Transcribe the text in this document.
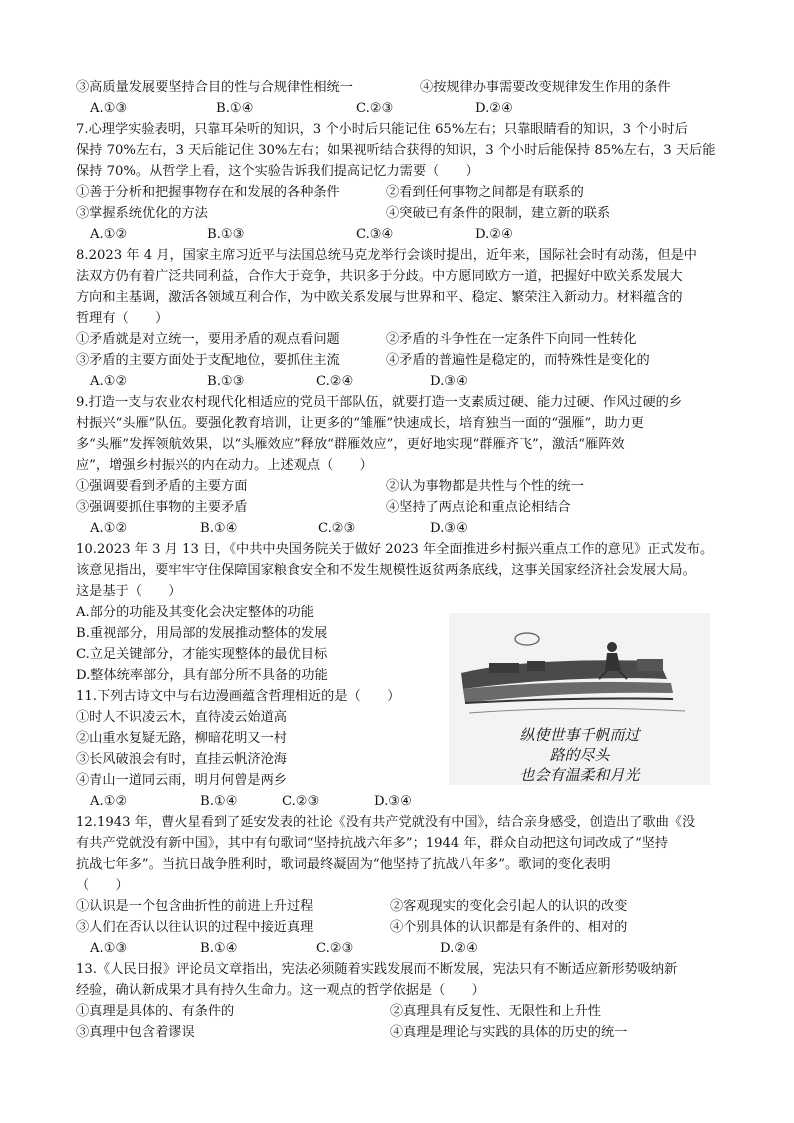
③高质量发展要坚持合目的性与合规律性相统一	④按规律办事需要改变规律发生作用的条件
A.①③	B.①④	C.②③	D.②④
7.心理学实验表明，只靠耳朵听的知识，3 个小时后只能记住 65%左右；只靠眼睛看的知识，3 个小时后
保持 70%左右，3 天后能记住 30%左右；如果视听结合获得的知识，3 个小时后能保持 85%左右，3 天后能
保持 70%。从哲学上看，这个实验告诉我们提高记忆力需要（　　）
①善于分析和把握事物存在和发展的各种条件	②看到任何事物之间都是有联系的
③掌握系统优化的方法	④突破已有条件的限制，建立新的联系
A.①②	B.①③	C.③④	D.②④
8.2023 年 4 月，国家主席习近平与法国总统马克龙举行会谈时提出，近年来，国际社会时有动荡，但是中
法双方仍有着广泛共同利益，合作大于竞争，共识多于分歧。中方愿同欧方一道，把握好中欧关系发展大
方向和主基调，激活各领域互利合作，为中欧关系发展与世界和平、稳定、繁荣注入新动力。材料蕴含的
哲理有（　　）
①矛盾就是对立统一，要用矛盾的观点看问题	②矛盾的斗争性在一定条件下向同一性转化
③矛盾的主要方面处于支配地位，要抓住主流	④矛盾的普遍性是稳定的，而特殊性是变化的
A.①②	B.①③	C.②④	D.③④
9.打造一支与农业农村现代化相适应的党员干部队伍，就要打造一支素质过硬、能力过硬、作风过硬的乡
村振兴“头雁”队伍。要强化教育培训，让更多的“雏雁”快速成长，培育独当一面的“强雁”，助力更
多“头雁”发挥领航效果，以“头雁效应”释放“群雁效应”，更好地实现“群雁齐飞”，激活“雁阵效
应”，增强乡村振兴的内在动力。上述观点（　　）
①强调要看到矛盾的主要方面	②认为事物都是共性与个性的统一
③强调要抓住事物的主要矛盾	④坚持了两点论和重点论相结合
A.①②	B.①④	C.②③	D.③④
10.2023 年 3 月 13 日，《中共中央国务院关于做好 2023 年全面推进乡村振兴重点工作的意见》正式发布。
该意见指出，要牢牢守住保障国家粮食安全和不发生规模性返贫两条底线，这事关国家经济社会发展大局。
这是基于（　　）
A.部分的功能及其变化会决定整体的功能
B.重视部分，用局部的发展推动整体的发展
C.立足关键部分，才能实现整体的最优目标
D.整体统率部分，具有部分所不具备的功能
11.下列古诗文中与右边漫画蕴含哲理相近的是（　　）
①时人不识凌云木，直待凌云始道高
②山重水复疑无路，柳暗花明又一村
③长风破浪会有时，直挂云帆济沧海
④青山一道同云雨，明月何曾是两乡
A.①②	B.①④	C.②③	D.③④
12.1943 年，曹火星看到了延安发表的社论《没有共产党就没有中国》，结合亲身感受，创造出了歌曲《没
有共产党就没有新中国》，其中有句歌词“坚持抗战六年多”；1944 年，群众自动把这句词改成了“坚持
抗战七年多”。当抗日战争胜利时，歌词最终凝固为“他坚持了抗战八年多”。歌词的变化表明
（　　）
①认识是一个包含曲折性的前进上升过程	②客观现实的变化会引起人的认识的改变
③人们在否认以往认识的过程中接近真理	④个别具体的认识都是有条件的、相对的
A.①③	B.①④	C.②③	D.②④
13.《人民日报》评论员文章指出，宪法必须随着实践发展而不断发展，宪法只有不断适应新形势吸纳新
经验，确认新成果才具有持久生命力。这一观点的哲学依据是（　　）
①真理是具体的、有条件的	②真理具有反复性、无限性和上升性
③真理中包含着谬误	④真理是理论与实践的具体的历史的统一
纵使世事千帆而过
路的尽头
也会有温柔和月光
